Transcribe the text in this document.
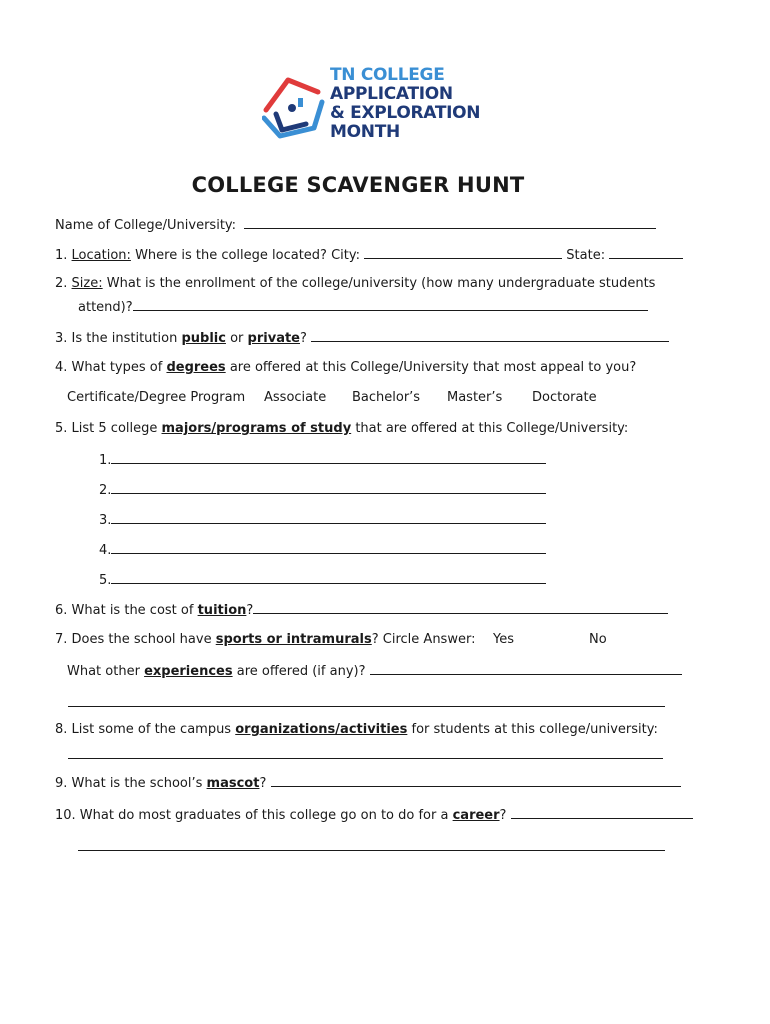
TN COLLEGE
APPLICATION
& EXPLORATION
MONTH
COLLEGE SCAVENGER HUNT
Name of College/University:
1. Location: Where is the college located? City:	State:
2. Size: What is the enrollment of the college/university (how many undergraduate students
attend)?
3. Is the institution public or private?
4. What types of degrees are offered at this College/University that most appeal to you?
Certificate/Degree Program Associate Bachelor’s Master’s Doctorate
5. List 5 college majors/programs of study that are offered at this College/University:
1.
2.
3.
4.
5.
6. What is the cost of tuition?
7. Does the school have sports or intramurals? Circle Answer: Yes	No
What other experiences are offered (if any)?
8. List some of the campus organizations/activities for students at this college/university:
9. What is the school’s mascot?
10. What do most graduates of this college go on to do for a career?
